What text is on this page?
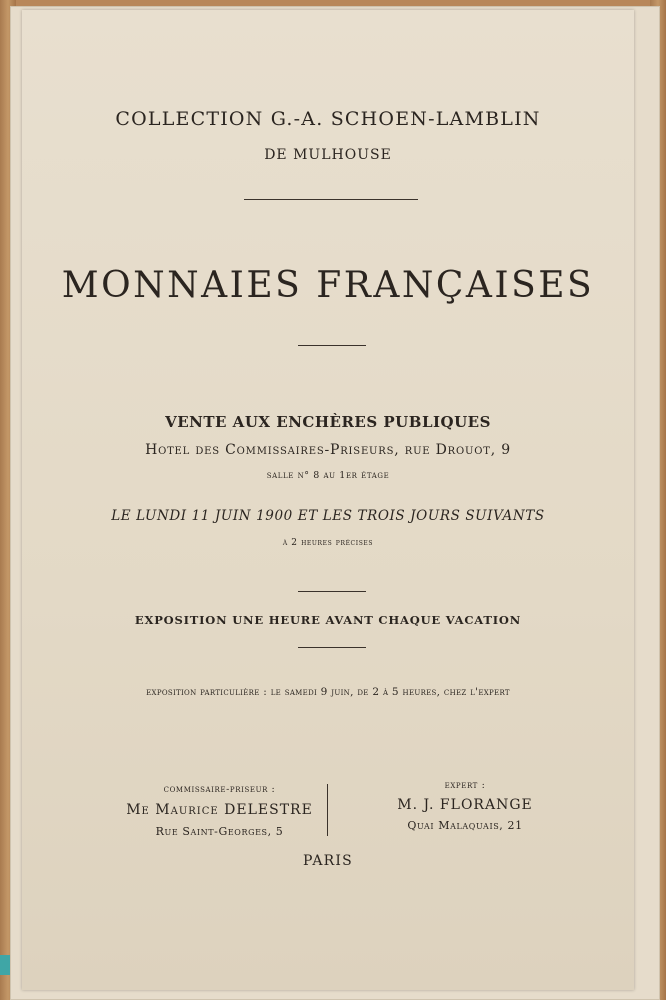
COLLECTION G.-A. SCHOEN-LAMBLIN
DE MULHOUSE
MONNAIES FRANÇAISES
VENTE AUX ENCHÈRES PUBLIQUES
Hotel des Commissaires-Priseurs, rue Drouot, 9
salle n° 8 au 1er étage
LE LUNDI 11 JUIN 1900 ET LES TROIS JOURS SUIVANTS
à 2 heures précises
EXPOSITION UNE HEURE AVANT CHAQUE VACATION
exposition particulière : le samedi 9 juin, de 2 à 5 heures, chez l'expert
commissaire-priseur :
Me Maurice DELESTRE
Rue Saint-Georges, 5
expert :
M. J. FLORANGE
Quai Malaquais, 21
PARIS
